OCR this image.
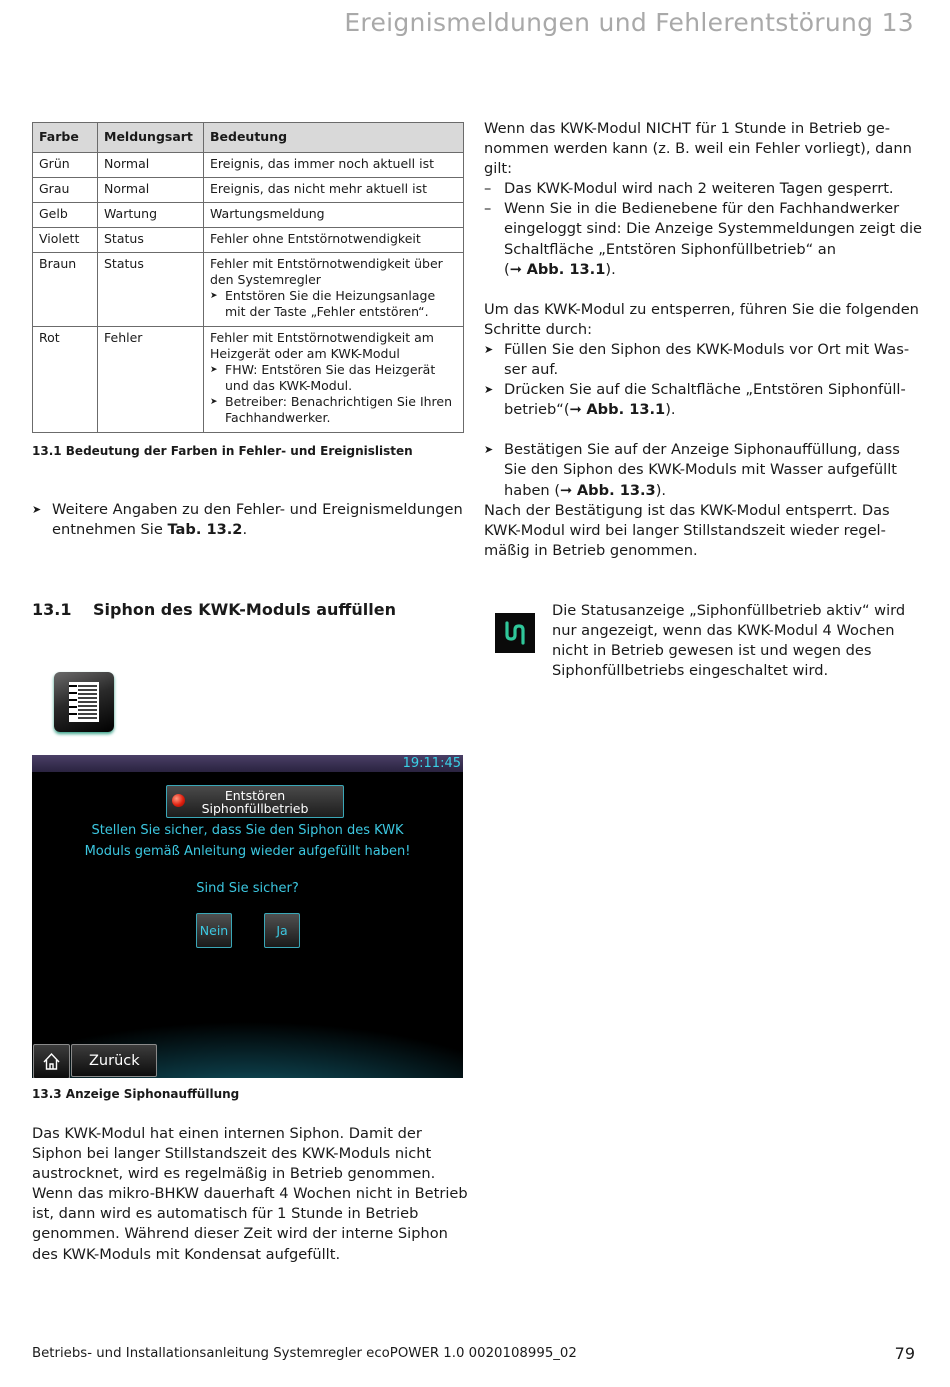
Ereignismeldungen und Fehlerentstörung 13
Farbe	Meldungsart	Bedeutung
Grün	Normal	Ereignis, das immer noch aktuell ist

Grau	Normal	Ereignis, das nicht mehr aktuell ist

Gelb	Wartung	Wartungsmeldung

Violett	Status	Fehler ohne Entstörnotwendigkeit

Braun	Status	Fehler mit Entstörnotwendigkeit über den Systemregler
➤ Entstören Sie die Heizungsanlage mit der Taste „Fehler entstören“.

Rot	Fehler	Fehler mit Entstörnotwendigkeit am Heizgerät oder am KWK-Modul
➤ FHW: Entstören Sie das Heizgerät und das KWK-Modul.
➤ Betreiber: Benachrichtigen Sie Ihren Fachhandwerker.
13.1 Bedeutung der Farben in Fehler- und Ereignislisten
➤ Weitere Angaben zu den Fehler- und Ereignismeldungen entnehmen Sie Tab. 13.2.
13.1 Siphon des KWK-Moduls auffüllen
19:11:45
Entstören
Siphonfüllbetrieb
Stellen Sie sicher, dass Sie den Siphon des KWK
Moduls gemäß Anleitung wieder aufgefüllt haben!
Sind Sie sicher?
Nein	Ja
Zurück
13.3 Anzeige Siphonauffüllung
Das KWK-Modul hat einen internen Siphon. Damit der
Siphon bei langer Stillstandszeit des KWK-Moduls nicht
austrocknet, wird es regelmäßig in Betrieb genommen.
Wenn das mikro-BHKW dauerhaft 4 Wochen nicht in Betrieb
ist, dann wird es automatisch für 1 Stunde in Betrieb
genommen. Während dieser Zeit wird der interne Siphon
des KWK-Moduls mit Kondensat aufgefüllt.
Wenn das KWK-Modul NICHT für 1 Stunde in Betrieb ge-
nommen werden kann (z. B. weil ein Fehler vorliegt), dann
gilt:
– Das KWK-Modul wird nach 2 weiteren Tagen gesperrt.
– Wenn Sie in die Bedienebene für den Fachhandwerker
eingeloggt sind: Die Anzeige Systemmeldungen zeigt die
Schaltfläche „Entstören Siphonfüllbetrieb“ an
(➞ Abb. 13.1).
Um das KWK-Modul zu entsperren, führen Sie die folgenden
Schritte durch:
➤ Füllen Sie den Siphon des KWK-Moduls vor Ort mit Was-
ser auf.
➤ Drücken Sie auf die Schaltfläche „Entstören Siphonfüll-
betrieb“(➞ Abb. 13.1).
➤ Bestätigen Sie auf der Anzeige Siphonauffüllung, dass
Sie den Siphon des KWK-Moduls mit Wasser aufgefüllt
haben (➞ Abb. 13.3).
Nach der Bestätigung ist das KWK-Modul entsperrt. Das
KWK-Modul wird bei langer Stillstandszeit wieder regel-
mäßig in Betrieb genommen.
Die Statusanzeige „Siphonfüllbetrieb aktiv“ wird
nur angezeigt, wenn das KWK-Modul 4 Wochen
nicht in Betrieb gewesen ist und wegen des
Siphonfüllbetriebs eingeschaltet wird.
Betriebs- und Installationsanleitung Systemregler ecoPOWER 1.0 0020108995_02	79
